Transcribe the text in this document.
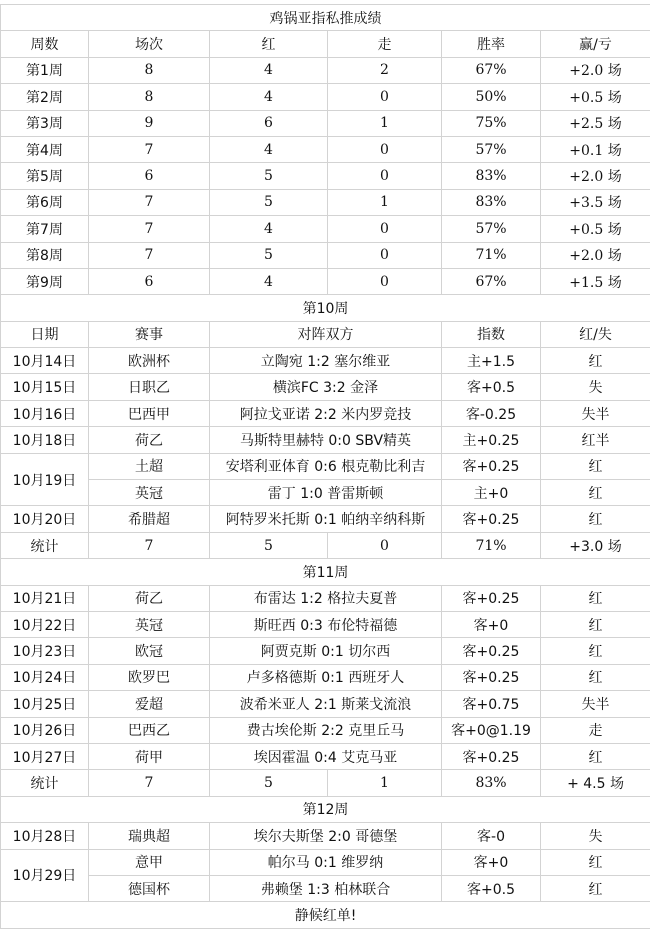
鸡锅亚指私推成绩					
周数	场次	红	走	胜率	赢/亏
第1周	8	4	2	67%	+2.0 场
第2周	8	4	0	50%	+0.5 场
第3周	9	6	1	75%	+2.5 场
第4周	7	4	0	57%	+0.1 场
第5周	6	5	0	83%	+2.0 场
第6周	7	5	1	83%	+3.5 场
第7周	7	4	0	57%	+0.5 场
第8周	7	5	0	71%	+2.0 场
第9周	6	4	0	67%	+1.5 场
第10周					
日期	赛事	对阵双方		指数	红/失
10月14日	欧洲杯	立陶宛 1:2 塞尔维亚		主+1.5	红
10月15日	日职乙	横滨FC 3:2 金泽		客+0.5	失
10月16日	巴西甲	阿拉戈亚诺 2:2 米内罗竞技		客-0.25	失半
10月18日	荷乙	马斯特里赫特 0:0 SBV精英		主+0.25	红半
10月19日	土超	安塔利亚体育 0:6 根克勒比利吉		客+0.25	红
	英冠	雷丁 1:0 普雷斯顿		主+0	红
10月20日	希腊超	阿特罗米托斯 0:1 帕纳辛纳科斯		客+0.25	红
统计	7	5	0	71%	+3.0 场
第11周					
10月21日	荷乙	布雷达 1:2 格拉夫夏普		客+0.25	红
10月22日	英冠	斯旺西 0:3 布伦特福德		客+0	红
10月23日	欧冠	阿贾克斯 0:1 切尔西		客+0.25	红
10月24日	欧罗巴	卢多格德斯 0:1 西班牙人		客+0.25	红
10月25日	爱超	波希米亚人 2:1 斯莱戈流浪		客+0.75	失半
10月26日	巴西乙	费古埃伦斯 2:2 克里丘马		客+0@1.19	走
10月27日	荷甲	埃因霍温 0:4 艾克马亚		客+0.25	红
统计	7	5	1	83%	+ 4.5 场
第12周					
10月28日	瑞典超	埃尔夫斯堡 2:0 哥德堡		客-0	失
10月29日	意甲	帕尔马 0:1 维罗纳		客+0	红
	德国杯	弗赖堡 1:3 柏林联合		客+0.5	红
静候红单!					
